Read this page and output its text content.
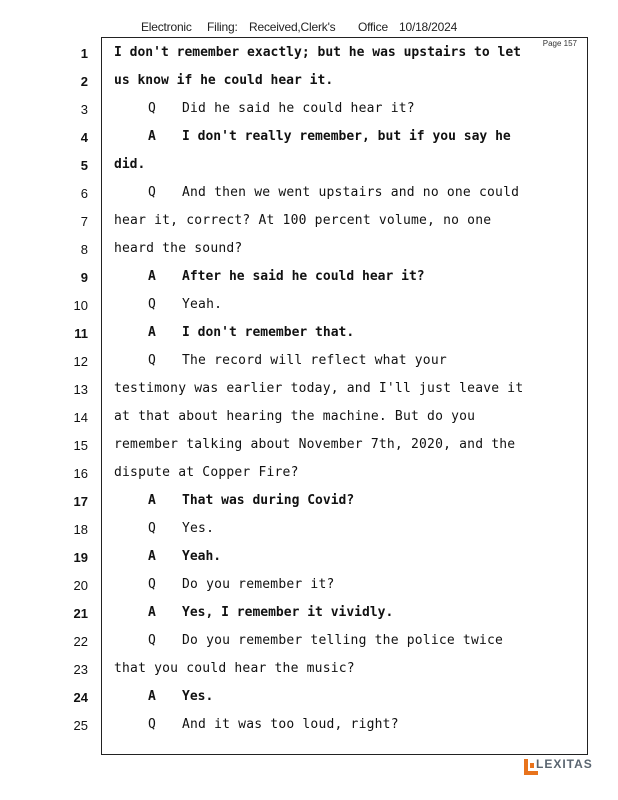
Electronic Filing: Received,Clerk's Office 10/18/2024
Page 157
1 I don't remember exactly; but he was upstairs to let
2 us know if he could hear it.
3	Q Did he said he could hear it?
4	A I don't really remember, but if you say he
5 did.
6	Q And then we went upstairs and no one could
7 hear it, correct? At 100 percent volume, no one
8 heard the sound?
9	A After he said he could hear it?
10	Q Yeah.
11	A I don't remember that.
12	Q The record will reflect what your
13 testimony was earlier today, and I'll just leave it
14 at that about hearing the machine. But do you
15 remember talking about November 7th, 2020, and the
16 dispute at Copper Fire?
17	A That was during Covid?
18	Q Yes.
19	A Yeah.
20	Q Do you remember it?
21	A Yes, I remember it vividly.
22	Q Do you remember telling the police twice
23 that you could hear the music?
24	A Yes.
25	Q And it was too loud, right?
LEXITAS
